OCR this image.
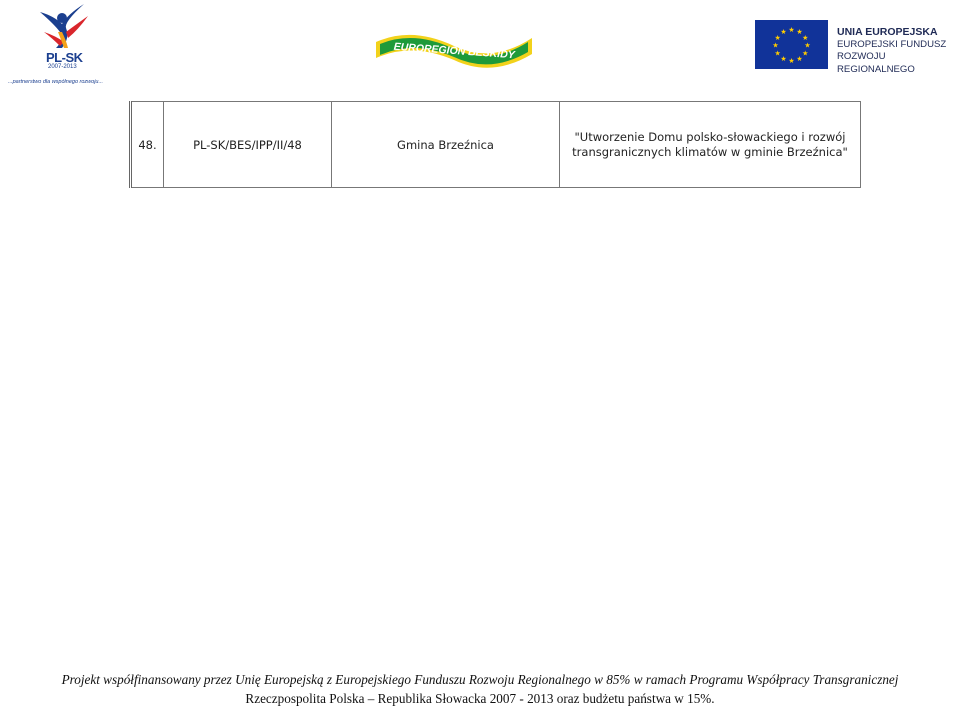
PL-SK
2007-2013
...partnerstwo dla wspólnego rozwoju...
EUROREGION BESKIDY
★ ★
★
★
★
★
★
★
★
★
★
★	UNIA EUROPEJSKA
EUROPEJSKI FUNDUSZ
ROZWOJU REGIONALNEGO
48.	PL-SK/BES/IPP/II/48	Gmina Brzeźnica	"Utworzenie Domu polsko-słowackiego i rozwój
transgranicznych klimatów w gminie Brzeźnica"
Projekt współfinansowany przez Unię Europejską z Europejskiego Funduszu Rozwoju Regionalnego w 85% w ramach Programu Współpracy Transgranicznej
Rzeczpospolita Polska – Republika Słowacka 2007 - 2013 oraz budżetu państwa w 15%.
